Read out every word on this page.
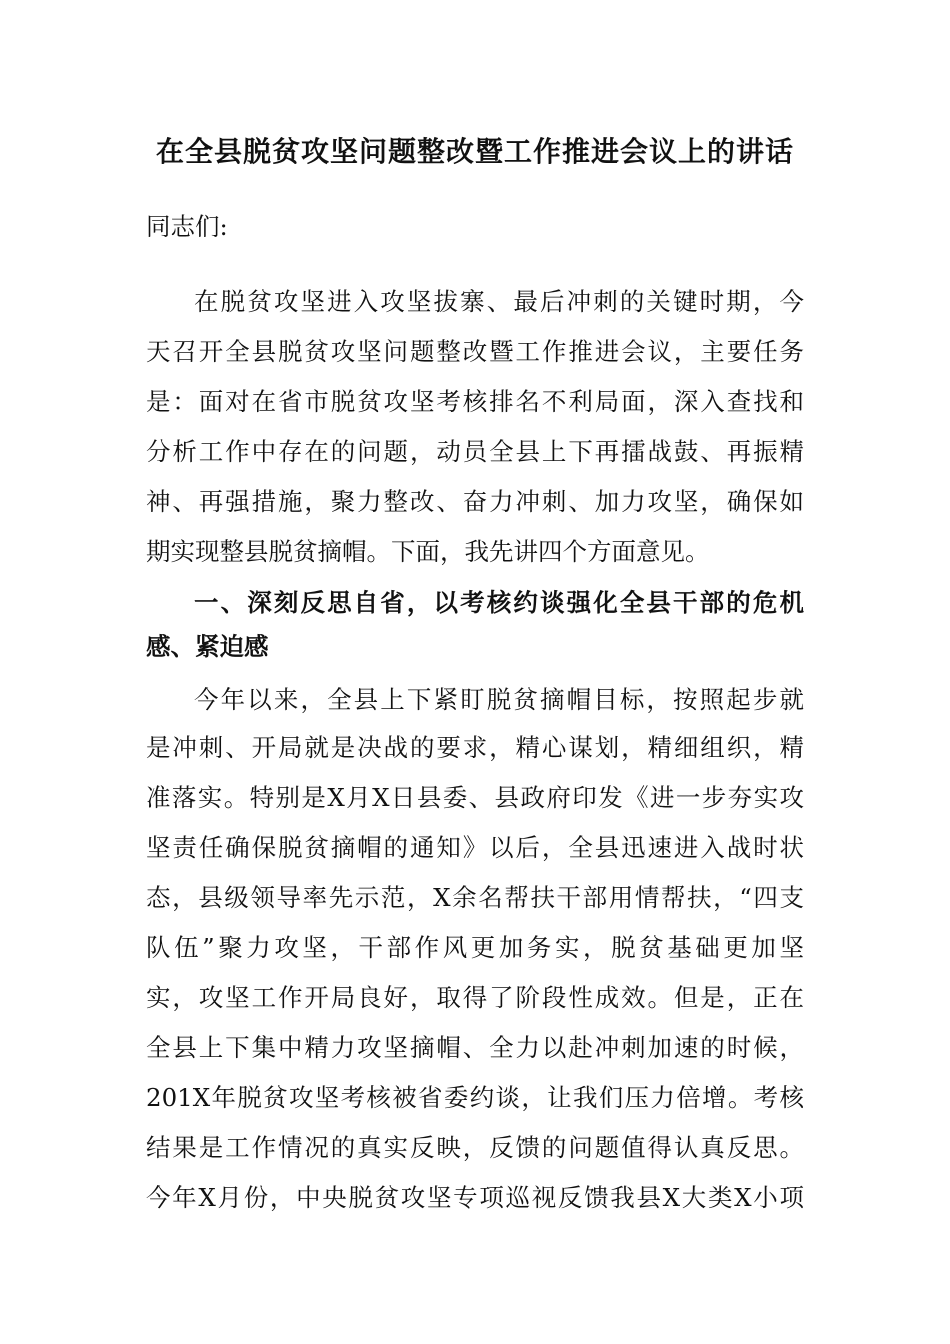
在全县脱贫攻坚问题整改暨工作推进会议上的讲话
同志们:
在脱贫攻坚进入攻坚拔寨、最后冲刺的关键时期，今
天召开全县脱贫攻坚问题整改暨工作推进会议，主要任务
是：面对在省市脱贫攻坚考核排名不利局面，深入查找和
分析工作中存在的问题，动员全县上下再擂战鼓、再振精
神、再强措施，聚力整改、奋力冲刺、加力攻坚，确保如
期实现整县脱贫摘帽。下面，我先讲四个方面意见。
一、深刻反思自省，以考核约谈强化全县干部的危机
感、紧迫感
今年以来，全县上下紧盯脱贫摘帽目标，按照起步就
是冲刺、开局就是决战的要求，精心谋划，精细组织，精
准落实。特别是X月X日县委、县政府印发《进一步夯实攻
坚责任确保脱贫摘帽的通知》以后，全县迅速进入战时状
态，县级领导率先示范，X余名帮扶干部用情帮扶，“四支
队伍”聚力攻坚，干部作风更加务实，脱贫基础更加坚
实，攻坚工作开局良好，取得了阶段性成效。但是，正在
全县上下集中精力攻坚摘帽、全力以赴冲刺加速的时候，
201X年脱贫攻坚考核被省委约谈，让我们压力倍增。考核
结果是工作情况的真实反映，反馈的问题值得认真反思。
今年X月份，中央脱贫攻坚专项巡视反馈我县X大类X小项
